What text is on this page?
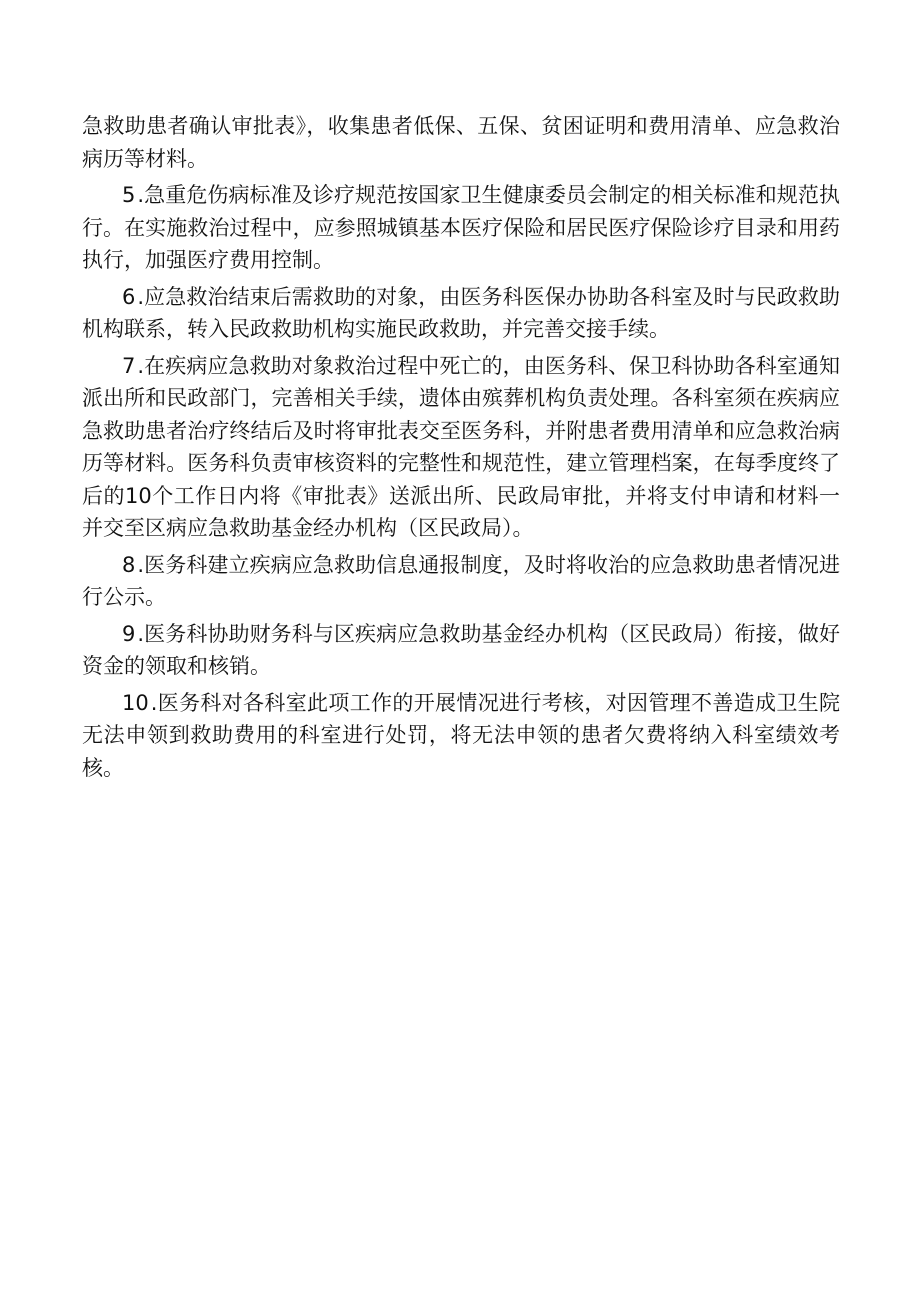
急救助患者确认审批表》，收集患者低保、五保、贫困证明和费用清单、应急救治病历等材料。

5.急重危伤病标准及诊疗规范按国家卫生健康委员会制定的相关标准和规范执行。在实施救治过程中，应参照城镇基本医疗保险和居民医疗保险诊疗目录和用药执行，加强医疗费用控制。

6.应急救治结束后需救助的对象，由医务科医保办协助各科室及时与民政救助机构联系，转入民政救助机构实施民政救助，并完善交接手续。

7.在疾病应急救助对象救治过程中死亡的，由医务科、保卫科协助各科室通知派出所和民政部门，完善相关手续，遗体由殡葬机构负责处理。各科室须在疾病应急救助患者治疗终结后及时将审批表交至医务科，并附患者费用清单和应急救治病历等材料。医务科负责审核资料的完整性和规范性，建立管理档案，在每季度终了后的10个工作日内将《审批表》送派出所、民政局审批，并将支付申请和材料一并交至区病应急救助基金经办机构（区民政局）。

8.医务科建立疾病应急救助信息通报制度，及时将收治的应急救助患者情况进行公示。

9.医务科协助财务科与区疾病应急救助基金经办机构（区民政局）衔接，做好资金的领取和核销。

10.医务科对各科室此项工作的开展情况进行考核，对因管理不善造成卫生院无法申领到救助费用的科室进行处罚，将无法申领的患者欠费将纳入科室绩效考核。
